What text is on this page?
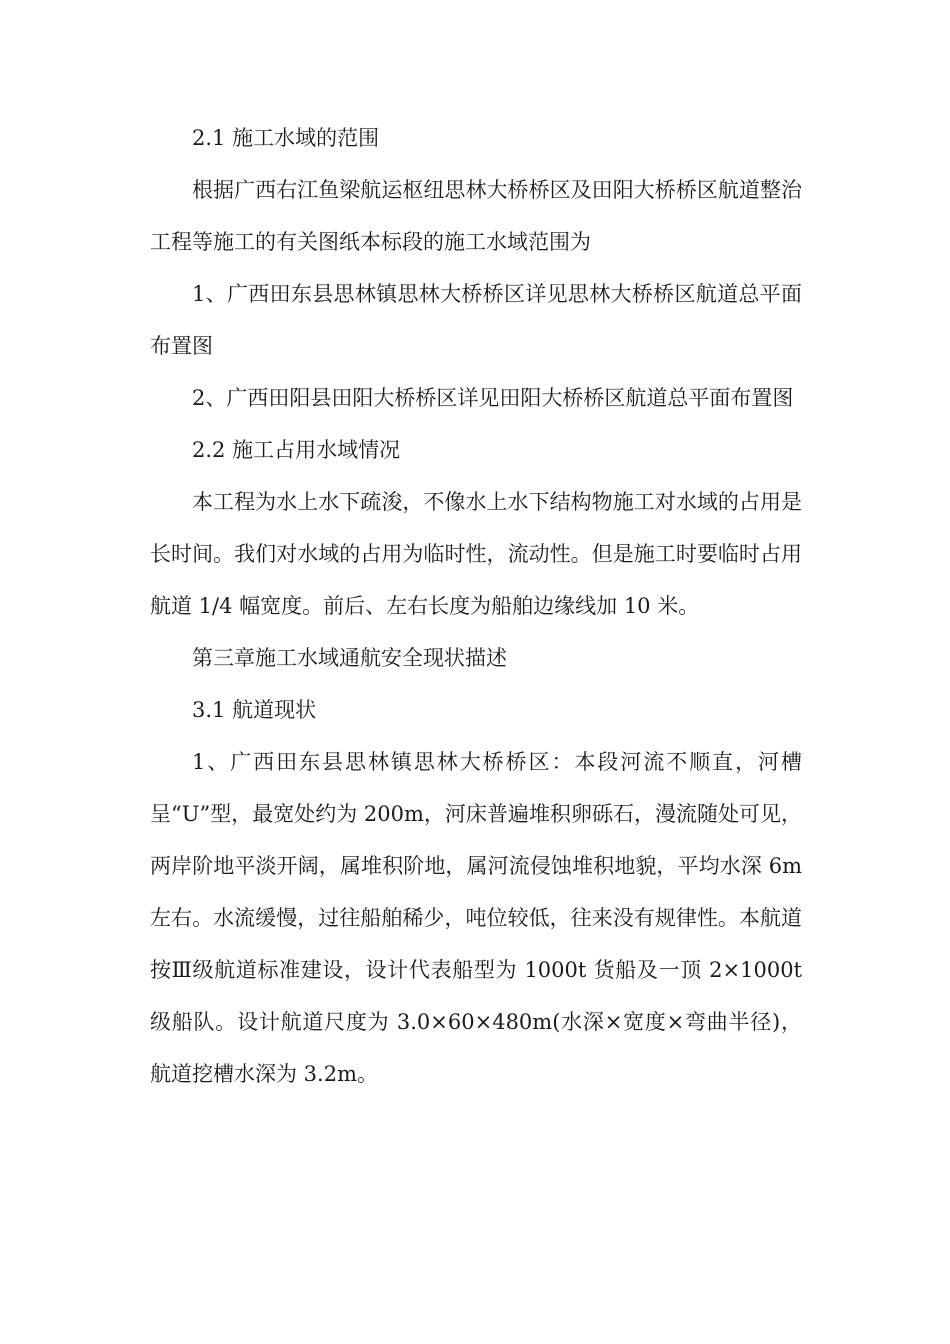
2.1 施工水域的范围

根据广西右江鱼梁航运枢纽思林大桥桥区及田阳大桥桥区航道整治工程等施工的有关图纸本标段的施工水域范围为

1、广西田东县思林镇思林大桥桥区详见思林大桥桥区航道总平面布置图

2、广西田阳县田阳大桥桥区详见田阳大桥桥区航道总平面布置图

2.2 施工占用水域情况

本工程为水上水下疏浚，不像水上水下结构物施工对水域的占用是长时间。我们对水域的占用为临时性，流动性。但是施工时要临时占用航道 1/4 幅宽度。前后、左右长度为船舶边缘线加 10 米。

第三章施工水域通航安全现状描述

3.1 航道现状

1、广西田东县思林镇思林大桥桥区：本段河流不顺直，河槽呈“U”型，最宽处约为 200m，河床普遍堆积卵砾石，漫流随处可见，两岸阶地平淡开阔，属堆积阶地，属河流侵蚀堆积地貌，平均水深 6m 左右。水流缓慢，过往船舶稀少，吨位较低，往来没有规律性。本航道按Ⅲ级航道标准建设，设计代表船型为 1000t 货船及一顶 2×1000t 级船队。设计航道尺度为 3.0×60×480m(水深×宽度×弯曲半径)，航道挖槽水深为 3.2m。
